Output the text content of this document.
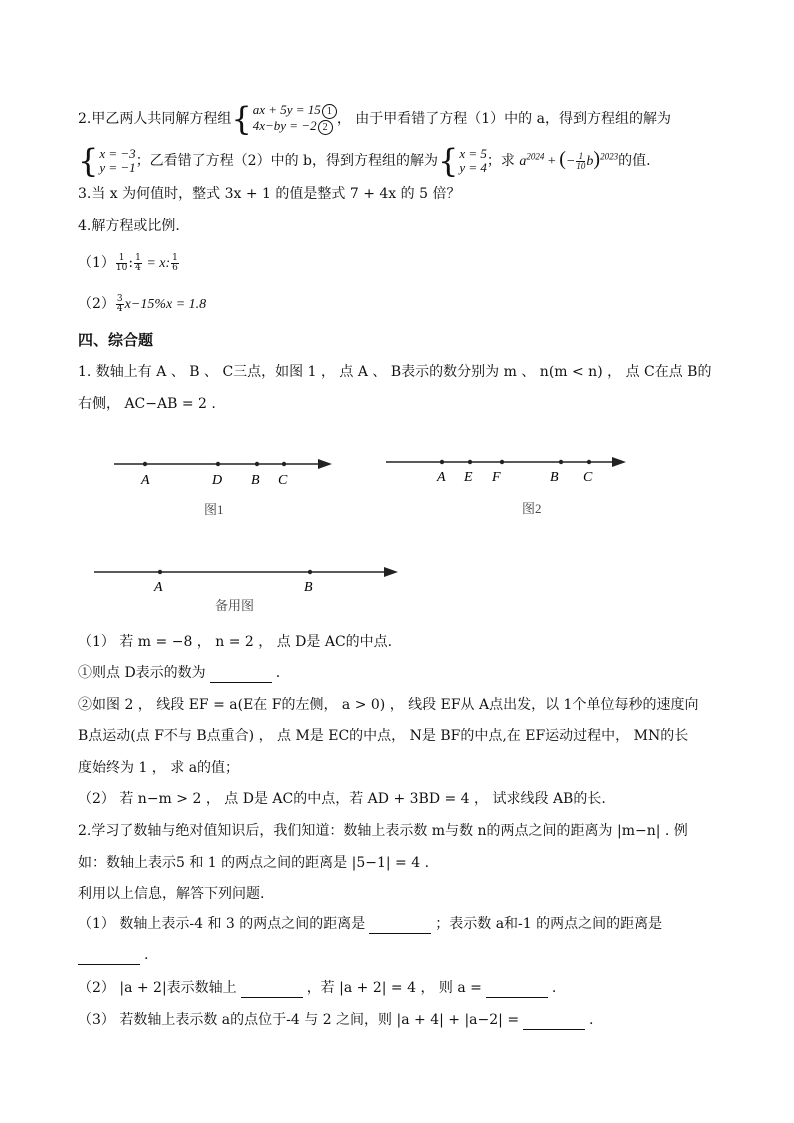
2.甲乙两人共同解方程组 { ax + 5y = 15 1
4x−by = −2 2
， 由于甲看错了方程（1）中的 a，得到方程组的解为
{ x = −3
y = −1 ；乙看错了方程（2）中的 b，得到方程组的解为 { x = 5
y = 4 ；求 $a^{2024}$ + (− $\frac{1}{10} b)^{2023}$的值.
3.当 x 为何值时，整式 3x + 1 的值是整式 7 + 4x 的 5 倍？
4.解方程或比例.
$(1) \frac{1}{10}$ : $\frac{1}{4} = x$: $\frac{1}{6}$
$(2) \frac{3}{4} x-15\%x = 1.8$
四、综合题
1. 数轴上有 A 、 B 、 C三点，如图 1 ， 点 A 、 B表示的数分别为 m 、 n(m < n) ， 点 C在点 B的
右侧， AC−AB = 2 .
A	D B C
图1
A E F	B C
图2
A	B
备用图
（1） 若 m = −8 ， n = 2 ， 点 D是 AC的中点.
①则点 D表示的数为	.
②如图 2 ， 线段 EF = a(E在 F的左侧， a > 0) ， 线段 EF从 A点出发，以 1个单位每秒的速度向
B点运动(点 F不与 B点重合) ， 点 M是 EC的中点， N是 BF的中点,在 EF运动过程中， MN的长
度始终为 1 ， 求 a的值；
（2） 若 n−m > 2 ， 点 D是 AC的中点，若 AD + 3BD = 4 ， 试求线段 AB的长.
2.学习了数轴与绝对值知识后，我们知道：数轴上表示数 m与数 n的两点之间的距离为 |m−n| . 例
如：数轴上表示5 和 1 的两点之间的距离是 |5−1| = 4 .
利用以上信息，解答下列问题.
（1） 数轴上表示-4 和 3 的两点之间的距离是	；表示数 a和-1 的两点之间的距离是
.
（2） |a + 2|表示数轴上	，若 |a + 2| = 4 ， 则 a =	.
（3） 若数轴上表示数 a的点位于-4 与 2 之间，则 |a + 4| + |a−2| =	.
